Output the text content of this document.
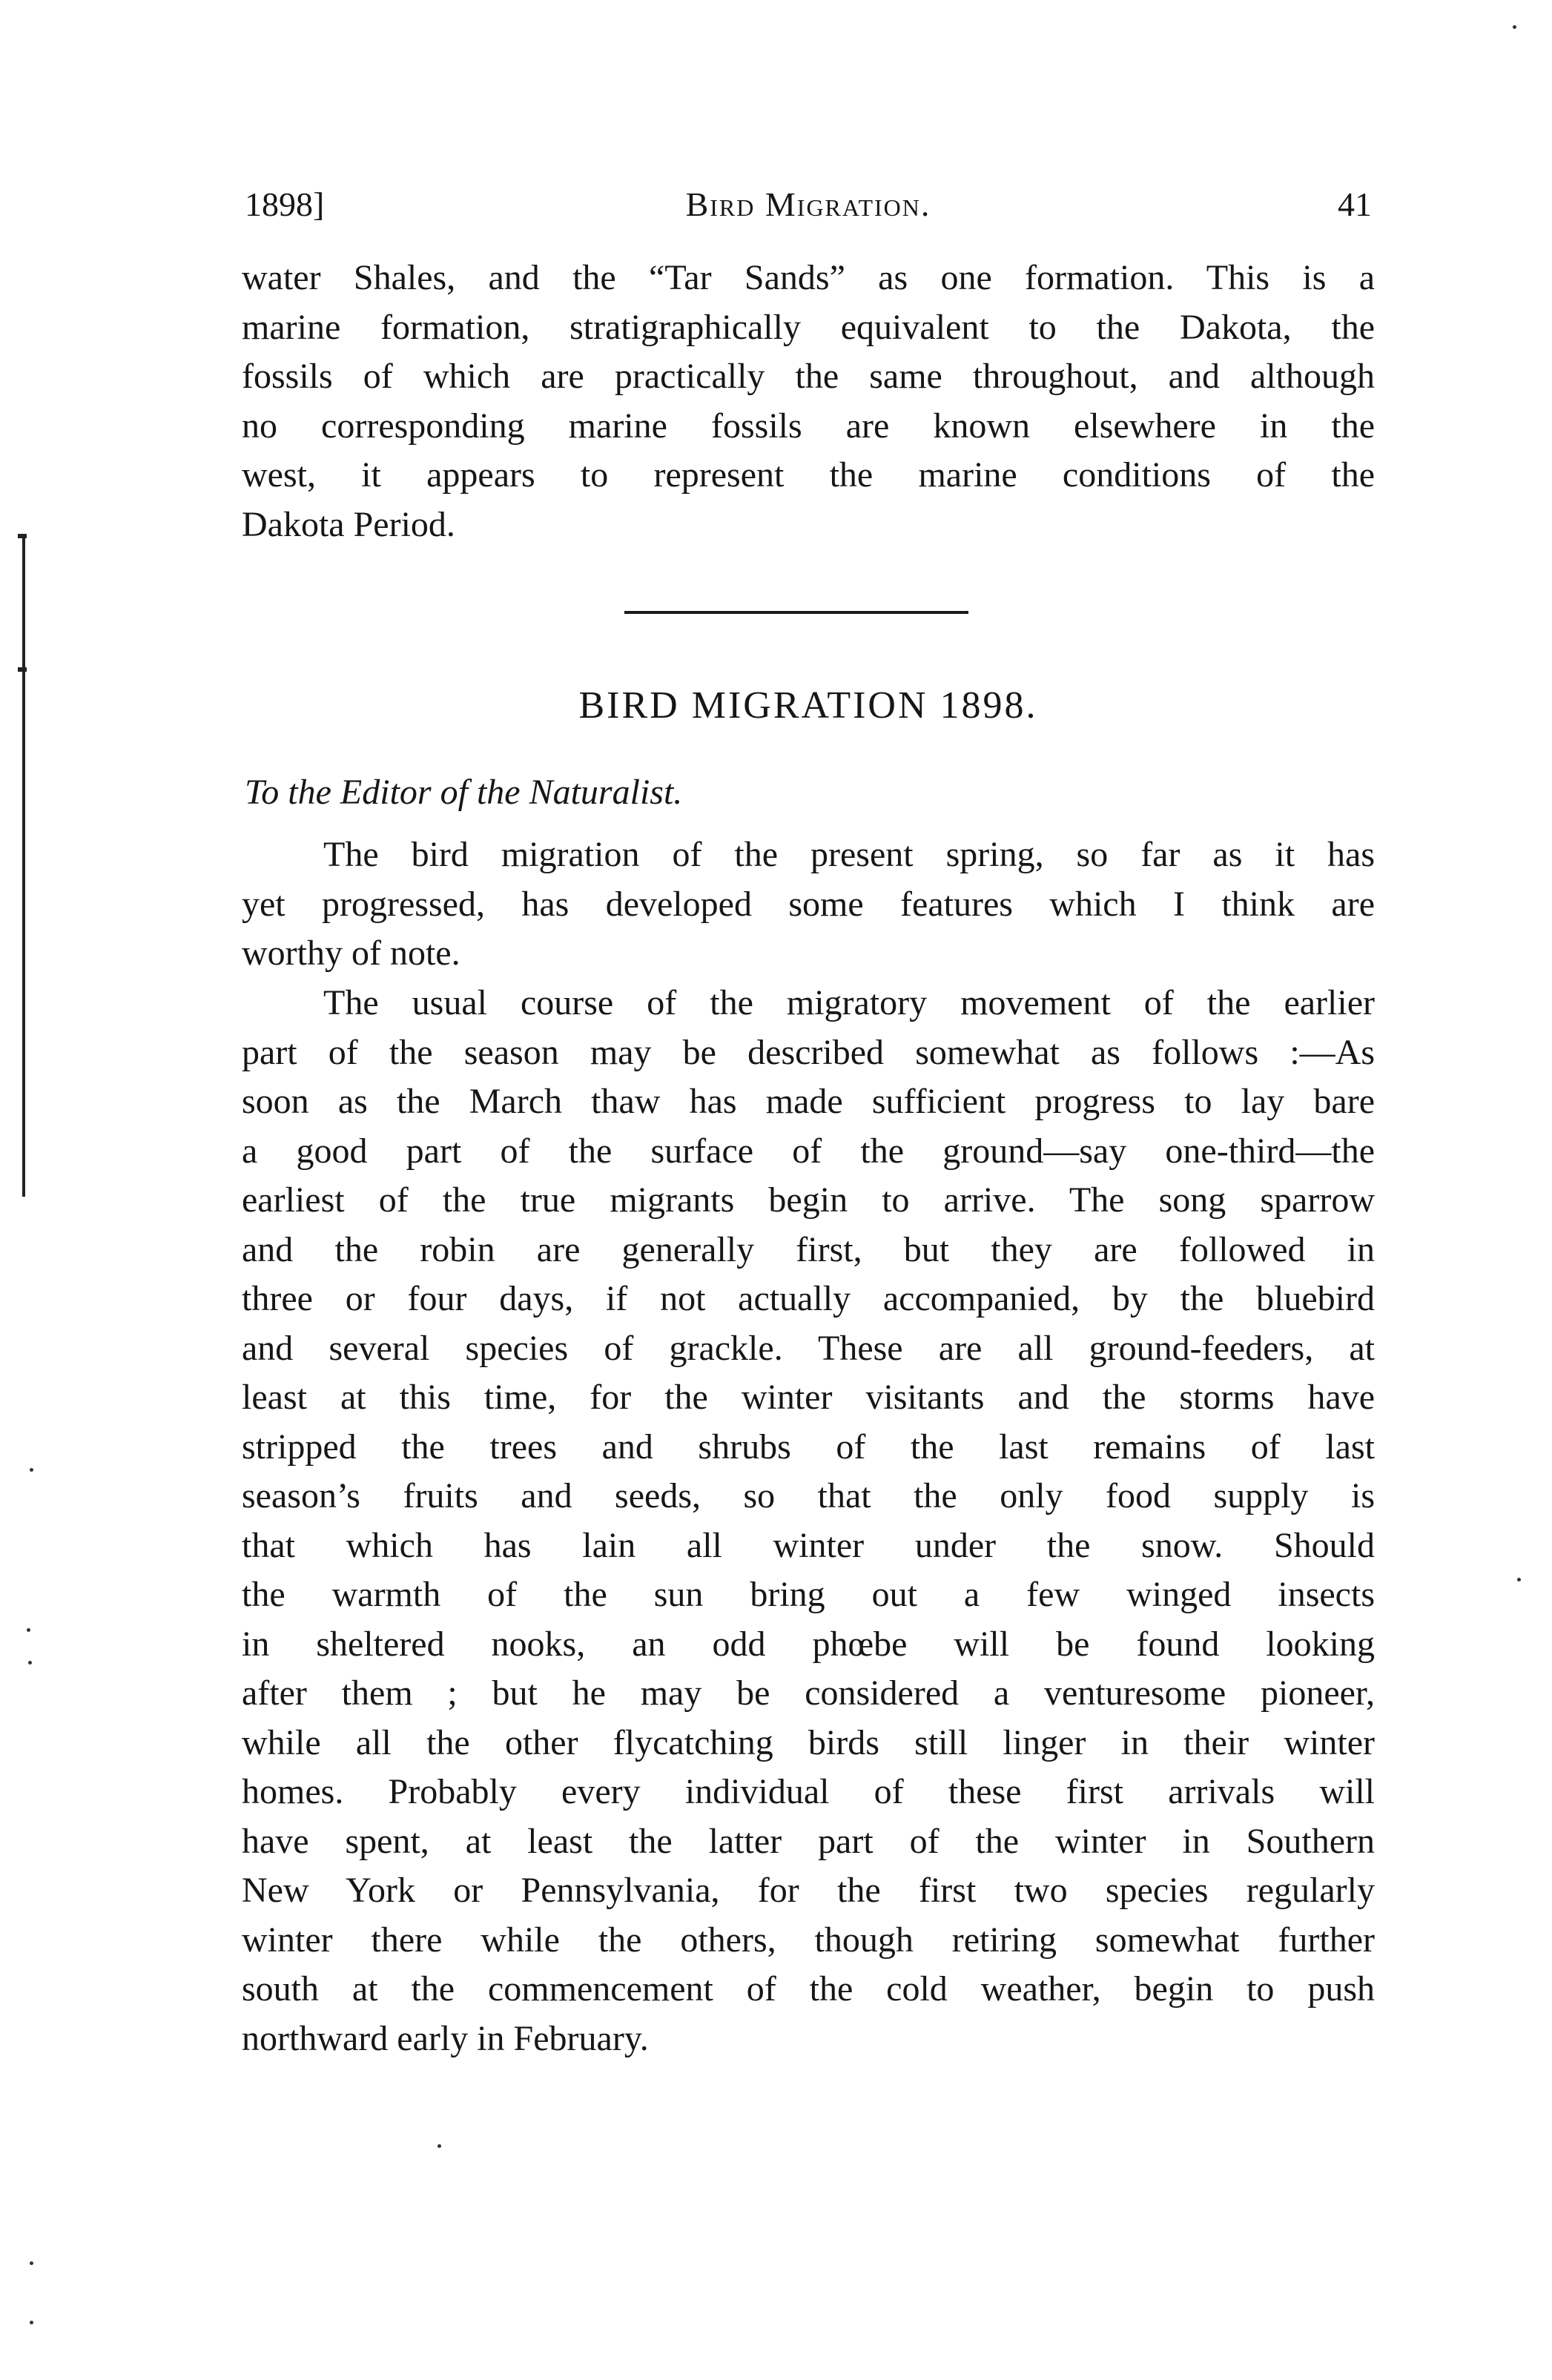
1898]	Bird Migration.	41
water Shales, and the “Tar Sands” as one formation. This is a
marine formation, stratigraphically equivalent to the Dakota, the
fossils of which are practically the same throughout, and although
no corresponding marine fossils are known elsewhere in the
west, it appears to represent the marine conditions of the
Dakota Period.
BIRD MIGRATION 1898.
To the Editor of the Naturalist.
The bird migration of the present spring, so far as it has
yet progressed, has developed some features which I think are
worthy of note.
The usual course of the migratory movement of the earlier
part of the season may be described somewhat as follows :—As
soon as the March thaw has made sufficient progress to lay bare
a good part of the surface of the ground—say one-third—the
earliest of the true migrants begin to arrive. The song sparrow
and the robin are generally first, but they are followed in
three or four days, if not actually accompanied, by the bluebird
and several species of grackle. These are all ground-feeders, at
least at this time, for the winter visitants and the storms have
stripped the trees and shrubs of the last remains of last
season’s fruits and seeds, so that the only food supply is
that which has lain all winter under the snow. Should
the warmth of the sun bring out a few winged insects
in sheltered nooks, an odd phœbe will be found looking
after them ; but he may be considered a venturesome pioneer,
while all the other flycatching birds still linger in their winter
homes. Probably every individual of these first arrivals will
have spent, at least the latter part of the winter in Southern
New York or Pennsylvania, for the first two species regularly
winter there while the others, though retiring somewhat further
south at the commencement of the cold weather, begin to push
northward early in February.
